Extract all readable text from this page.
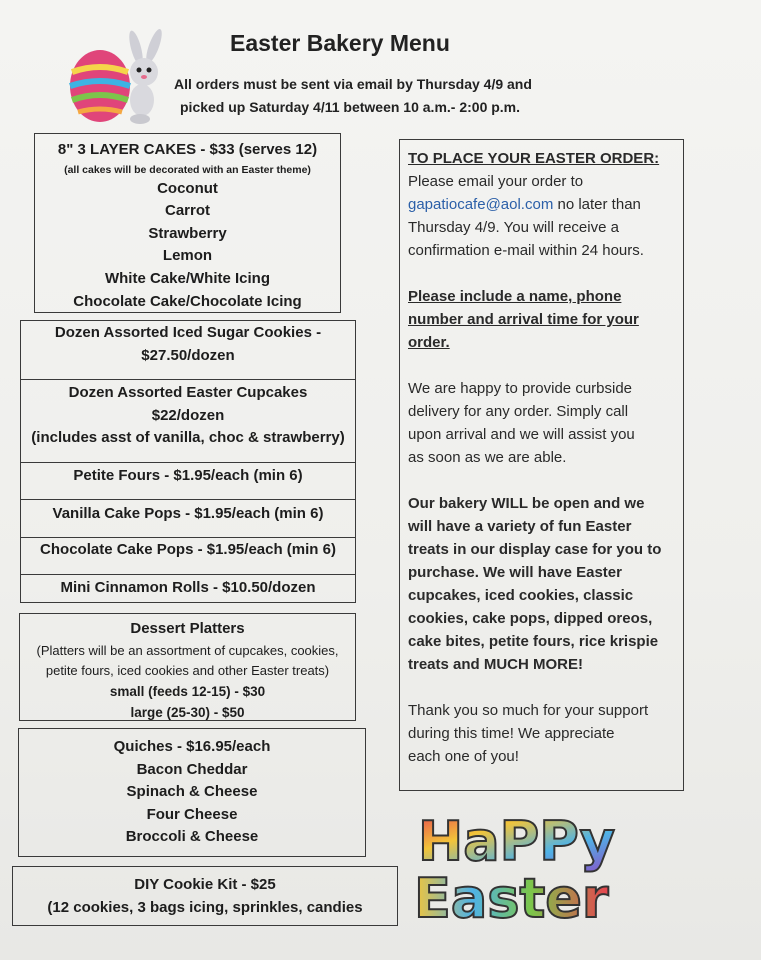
Easter Bakery Menu
All orders must be sent via email by Thursday 4/9 and
picked up Saturday 4/11 between 10 a.m.- 2:00 p.m.
8" 3 LAYER CAKES - $33 (serves 12)
(all cakes will be decorated with an Easter theme)
Coconut
Carrot
Strawberry
Lemon
White Cake/White Icing
Chocolate Cake/Chocolate Icing
Dozen Assorted Iced Sugar Cookies -
$27.50/dozen
Dozen Assorted Easter Cupcakes
$22/dozen
(includes asst of vanilla, choc & strawberry)
Petite Fours - $1.95/each (min 6)
Vanilla Cake Pops - $1.95/each (min 6)
Chocolate Cake Pops - $1.95/each (min 6)
Mini Cinnamon Rolls - $10.50/dozen
Dessert Platters
(Platters will be an assortment of cupcakes, cookies,
petite fours, iced cookies and other Easter treats)
small (feeds 12-15) - $30
large (25-30) - $50
Quiches - $16.95/each
Bacon Cheddar
Spinach & Cheese
Four Cheese
Broccoli & Cheese
DIY Cookie Kit - $25
(12 cookies, 3 bags icing, sprinkles, candies
TO PLACE YOUR EASTER ORDER:
Please email your order to
gapatiocafe@aol.com no later than
Thursday 4/9. You will receive a
confirmation e-mail within 24 hours.

Please include a name, phone
number and arrival time for your
order.

We are happy to provide curbside
delivery for any order. Simply call
upon arrival and we will assist you
as soon as we are able.

Our bakery WILL be open and we
will have a variety of fun Easter
treats in our display case for you to
purchase. We will have Easter
cupcakes, iced cookies, classic
cookies, cake pops, dipped oreos,
cake bites, petite fours, rice krispie
treats and MUCH MORE!

Thank you so much for your support
during this time! We appreciate
each one of you!
HaPPy
Easter
